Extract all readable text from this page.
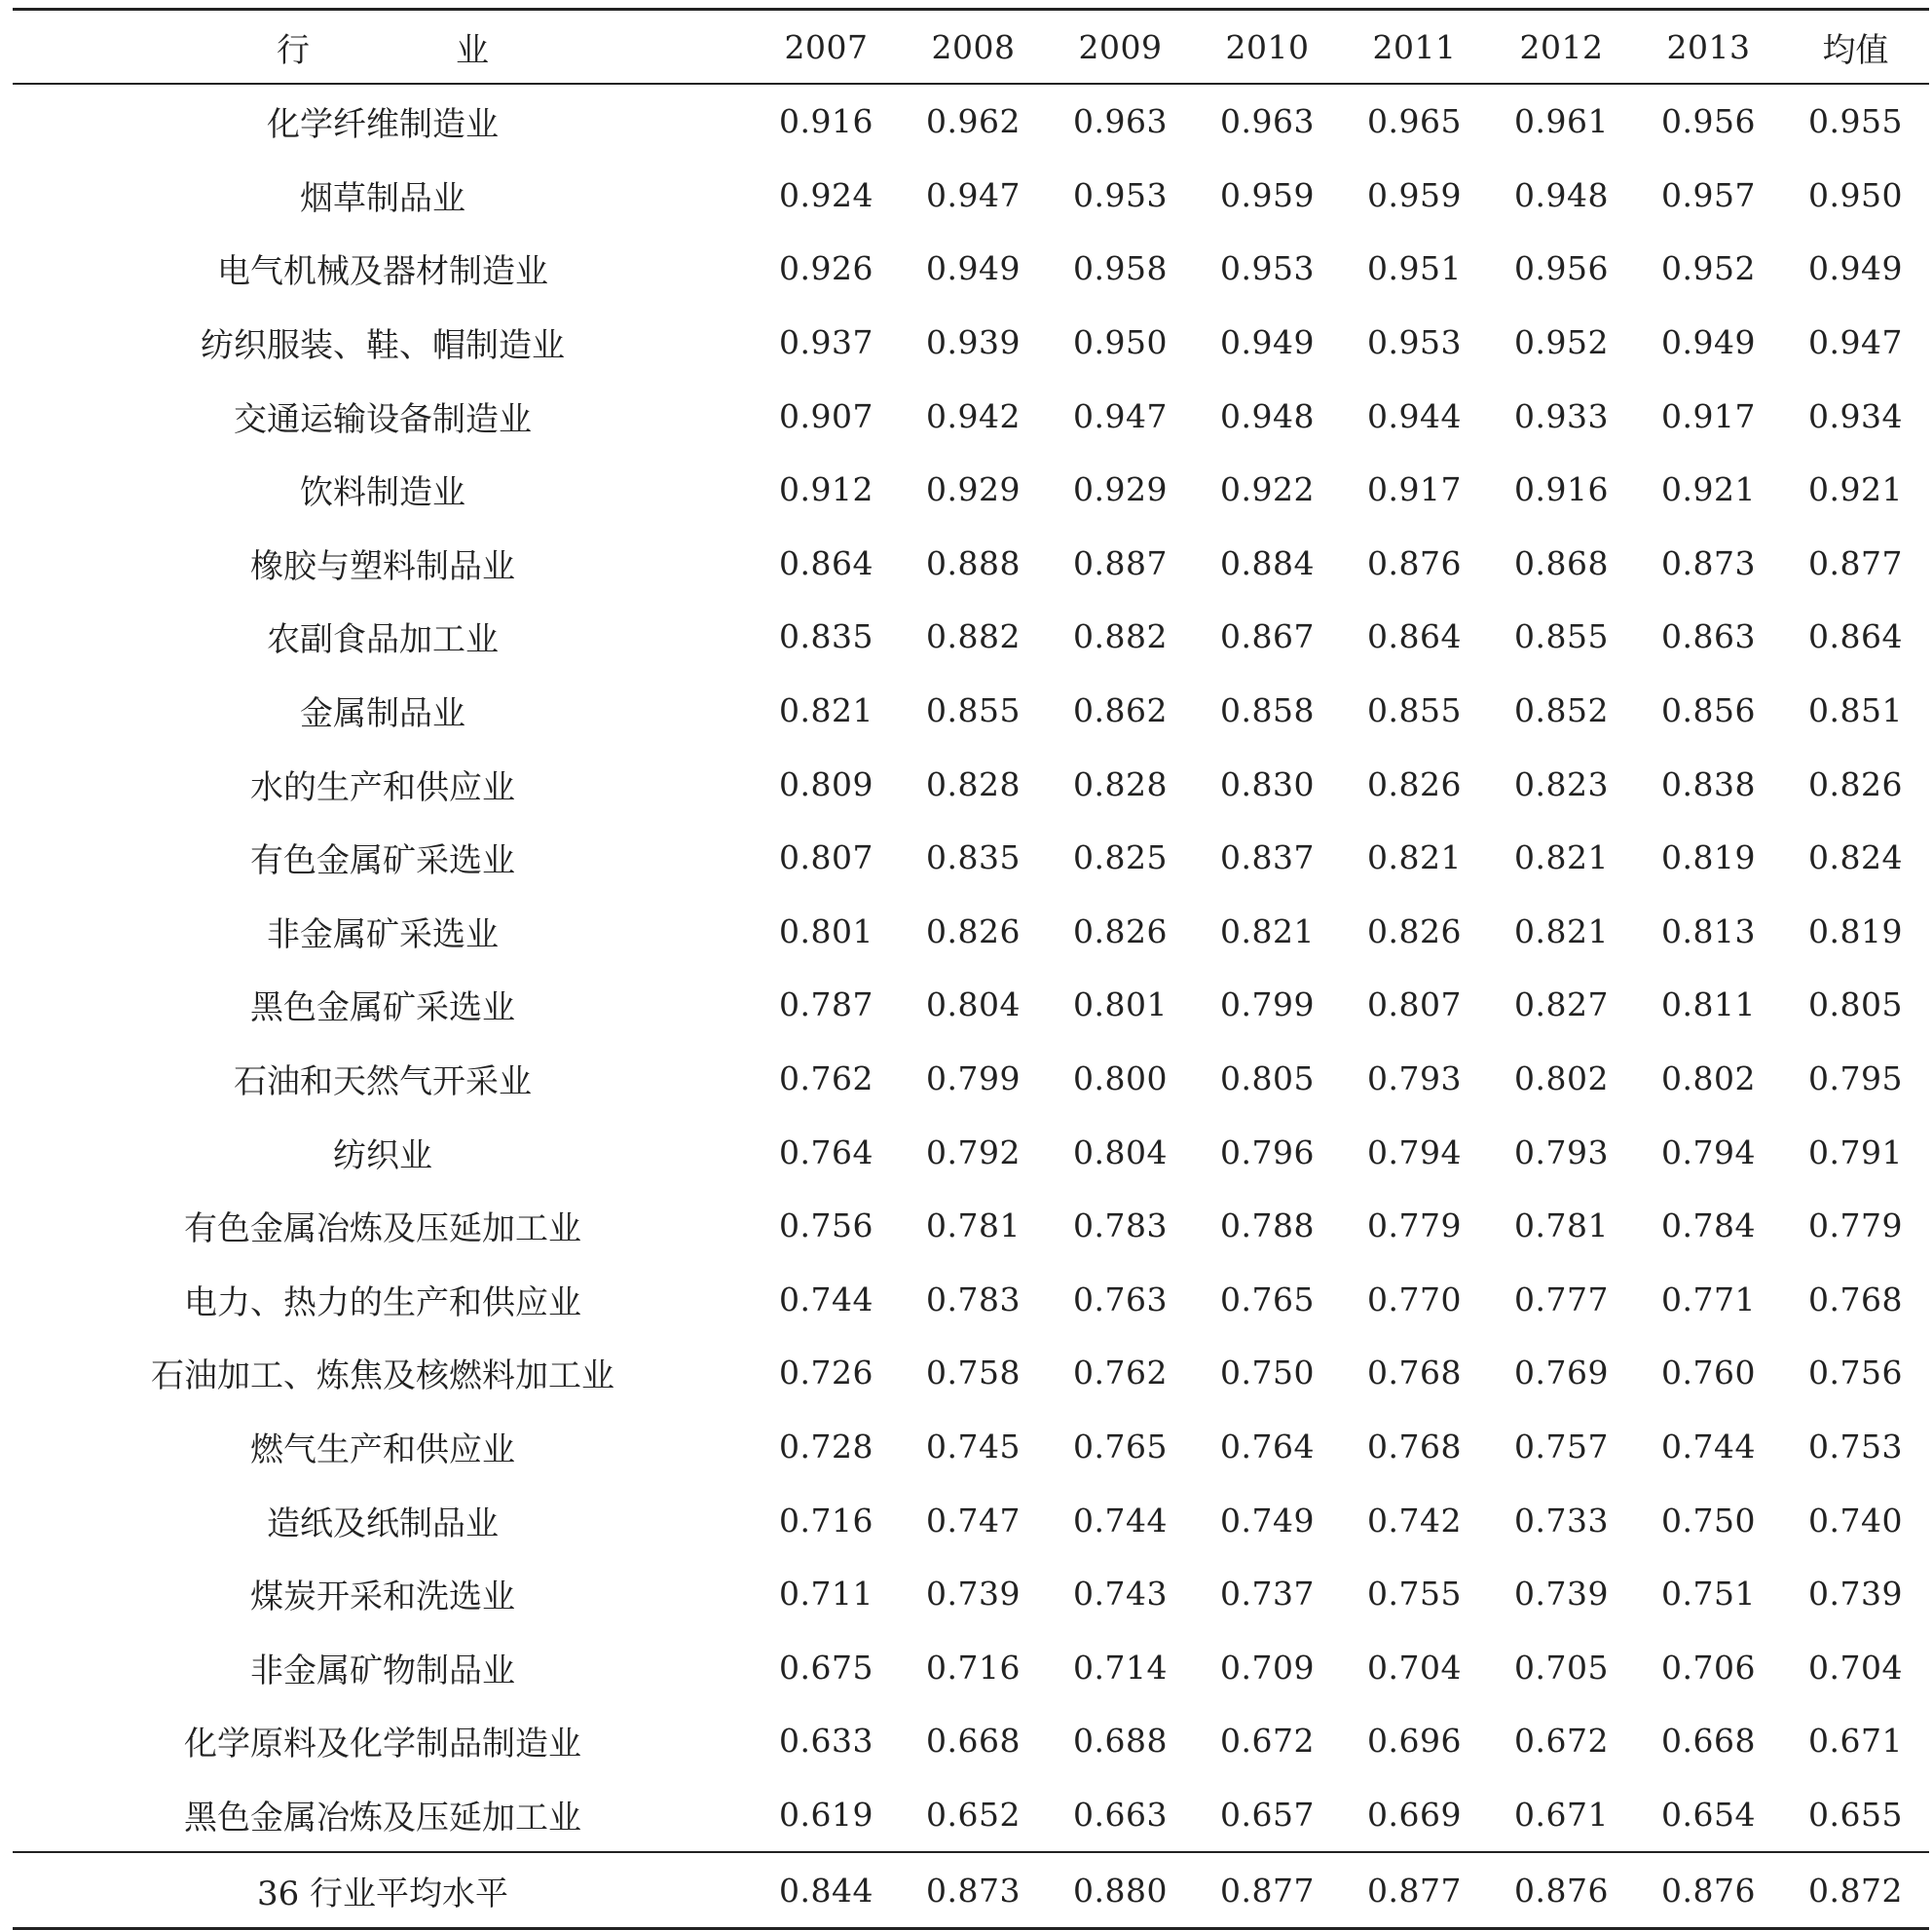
行 业	2007	2008	2009	2010	2011	2012	2013	均值
化学纤维制造业	0.916	0.962	0.963	0.963	0.965	0.961	0.956	0.955
烟草制品业	0.924	0.947	0.953	0.959	0.959	0.948	0.957	0.950
电气机械及器材制造业	0.926	0.949	0.958	0.953	0.951	0.956	0.952	0.949
纺织服装、鞋、帽制造业	0.937	0.939	0.950	0.949	0.953	0.952	0.949	0.947
交通运输设备制造业	0.907	0.942	0.947	0.948	0.944	0.933	0.917	0.934
饮料制造业	0.912	0.929	0.929	0.922	0.917	0.916	0.921	0.921
橡胶与塑料制品业	0.864	0.888	0.887	0.884	0.876	0.868	0.873	0.877
农副食品加工业	0.835	0.882	0.882	0.867	0.864	0.855	0.863	0.864
金属制品业	0.821	0.855	0.862	0.858	0.855	0.852	0.856	0.851
水的生产和供应业	0.809	0.828	0.828	0.830	0.826	0.823	0.838	0.826
有色金属矿采选业	0.807	0.835	0.825	0.837	0.821	0.821	0.819	0.824
非金属矿采选业	0.801	0.826	0.826	0.821	0.826	0.821	0.813	0.819
黑色金属矿采选业	0.787	0.804	0.801	0.799	0.807	0.827	0.811	0.805
石油和天然气开采业	0.762	0.799	0.800	0.805	0.793	0.802	0.802	0.795
纺织业	0.764	0.792	0.804	0.796	0.794	0.793	0.794	0.791
有色金属冶炼及压延加工业	0.756	0.781	0.783	0.788	0.779	0.781	0.784	0.779
电力、热力的生产和供应业	0.744	0.783	0.763	0.765	0.770	0.777	0.771	0.768
石油加工、炼焦及核燃料加工业	0.726	0.758	0.762	0.750	0.768	0.769	0.760	0.756
燃气生产和供应业	0.728	0.745	0.765	0.764	0.768	0.757	0.744	0.753
造纸及纸制品业	0.716	0.747	0.744	0.749	0.742	0.733	0.750	0.740
煤炭开采和洗选业	0.711	0.739	0.743	0.737	0.755	0.739	0.751	0.739
非金属矿物制品业	0.675	0.716	0.714	0.709	0.704	0.705	0.706	0.704
化学原料及化学制品制造业	0.633	0.668	0.688	0.672	0.696	0.672	0.668	0.671
黑色金属冶炼及压延加工业	0.619	0.652	0.663	0.657	0.669	0.671	0.654	0.655
36 行业平均水平	0.844	0.873	0.880	0.877	0.877	0.876	0.876	0.872
